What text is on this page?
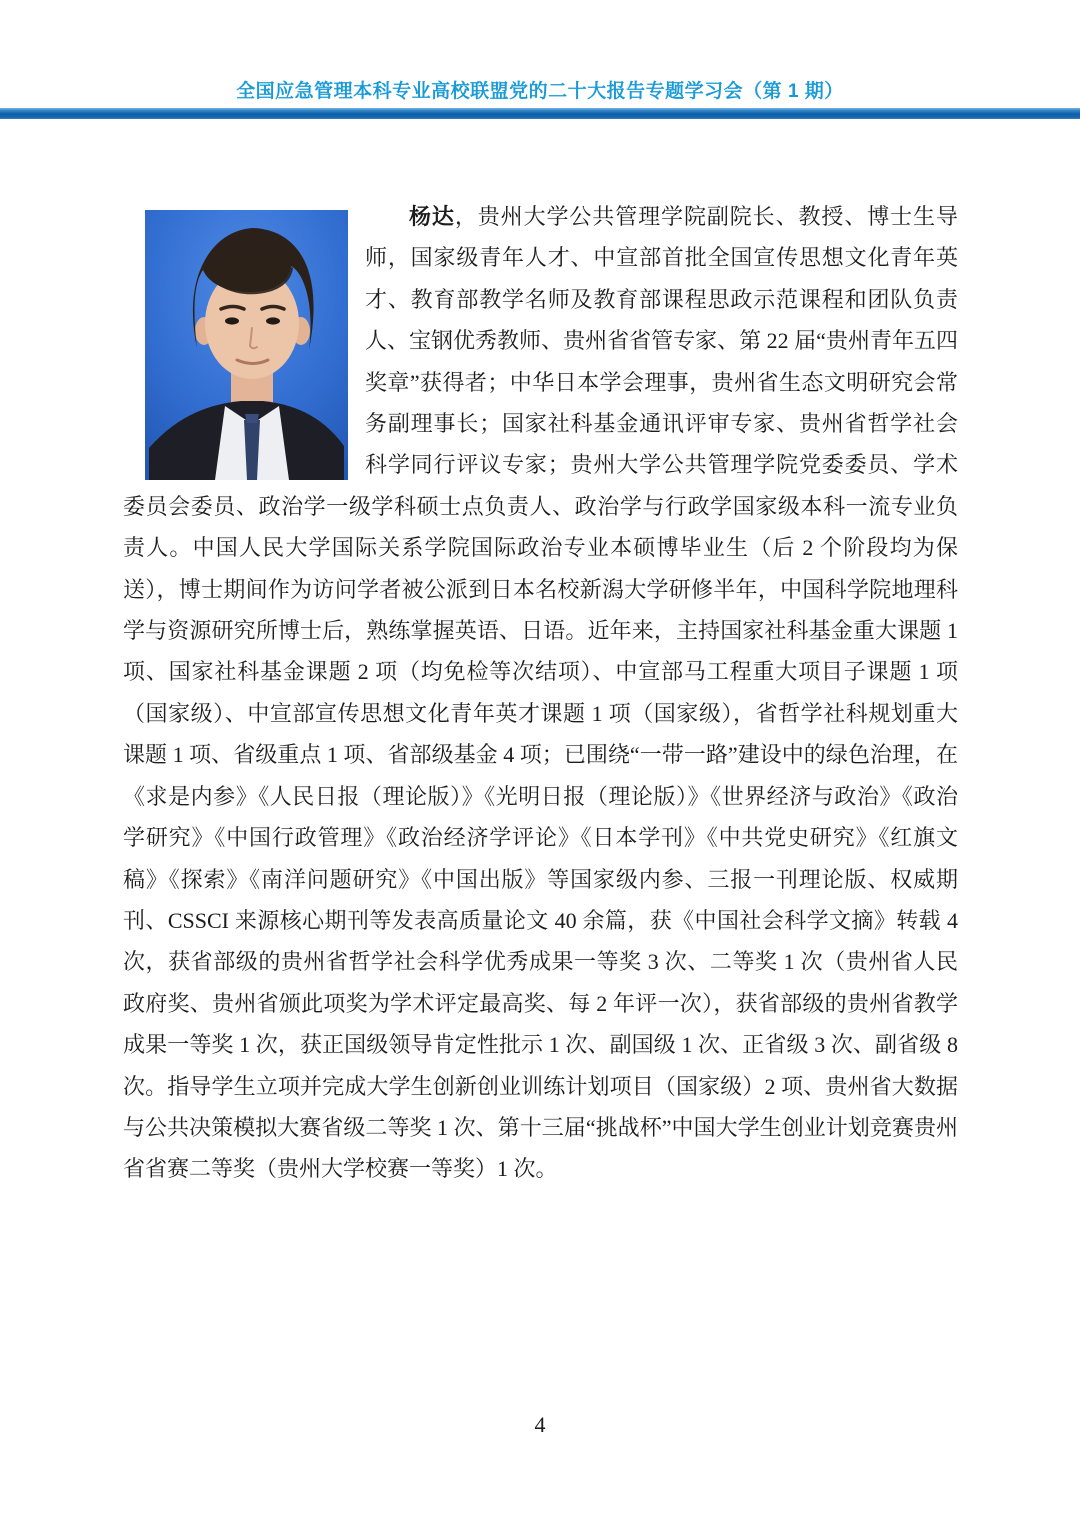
全国应急管理本科专业高校联盟党的二十大报告专题学习会（第 1 期）

杨达，贵州大学公共管理学院副院长、教授、博士生导师，国家级青年人才、中宣部首批全国宣传思想文化青年英才、教育部教学名师及教育部课程思政示范课程和团队负责人、宝钢优秀教师、贵州省省管专家、第 22 届“贵州青年五四奖章”获得者；中华日本学会理事，贵州省生态文明研究会常务副理事长；国家社科基金通讯评审专家、贵州省哲学社会科学同行评议专家；贵州大学公共管理学院党委委员、学术委员会委员、政治学一级学科硕士点负责人、政治学与行政学国家级本科一流专业负责人。中国人民大学国际关系学院国际政治专业本硕博毕业生（后 2 个阶段均为保送），博士期间作为访问学者被公派到日本名校新潟大学研修半年，中国科学院地理科学与资源研究所博士后，熟练掌握英语、日语。近年来，主持国家社科基金重大课题 1 项、国家社科基金课题 2 项（均免检等次结项）、中宣部马工程重大项目子课题 1 项（国家级）、中宣部宣传思想文化青年英才课题 1 项（国家级），省哲学社科规划重大课题 1 项、省级重点 1 项、省部级基金 4 项；已围绕“一带一路”建设中的绿色治理，在《求是内参》《人民日报（理论版）》《光明日报（理论版）》《世界经济与政治》《政治学研究》《中国行政管理》《政治经济学评论》《日本学刊》《中共党史研究》《红旗文稿》《探索》《南洋问题研究》《中国出版》等国家级内参、三报一刊理论版、权威期刊、CSSCI 来源核心期刊等发表高质量论文 40 余篇，获《中国社会科学文摘》转载 4 次，获省部级的贵州省哲学社会科学优秀成果一等奖 3 次、二等奖 1 次（贵州省人民政府奖、贵州省颁此项奖为学术评定最高奖、每 2 年评一次），获省部级的贵州省教学成果一等奖 1 次，获正国级领导肯定性批示 1 次、副国级 1 次、正省级 3 次、副省级 8 次。指导学生立项并完成大学生创新创业训练计划项目（国家级）2 项、贵州省大数据与公共决策模拟大赛省级二等奖 1 次、第十三届“挑战杯”中国大学生创业计划竞赛贵州省省赛二等奖（贵州大学校赛一等奖）1 次。

4
